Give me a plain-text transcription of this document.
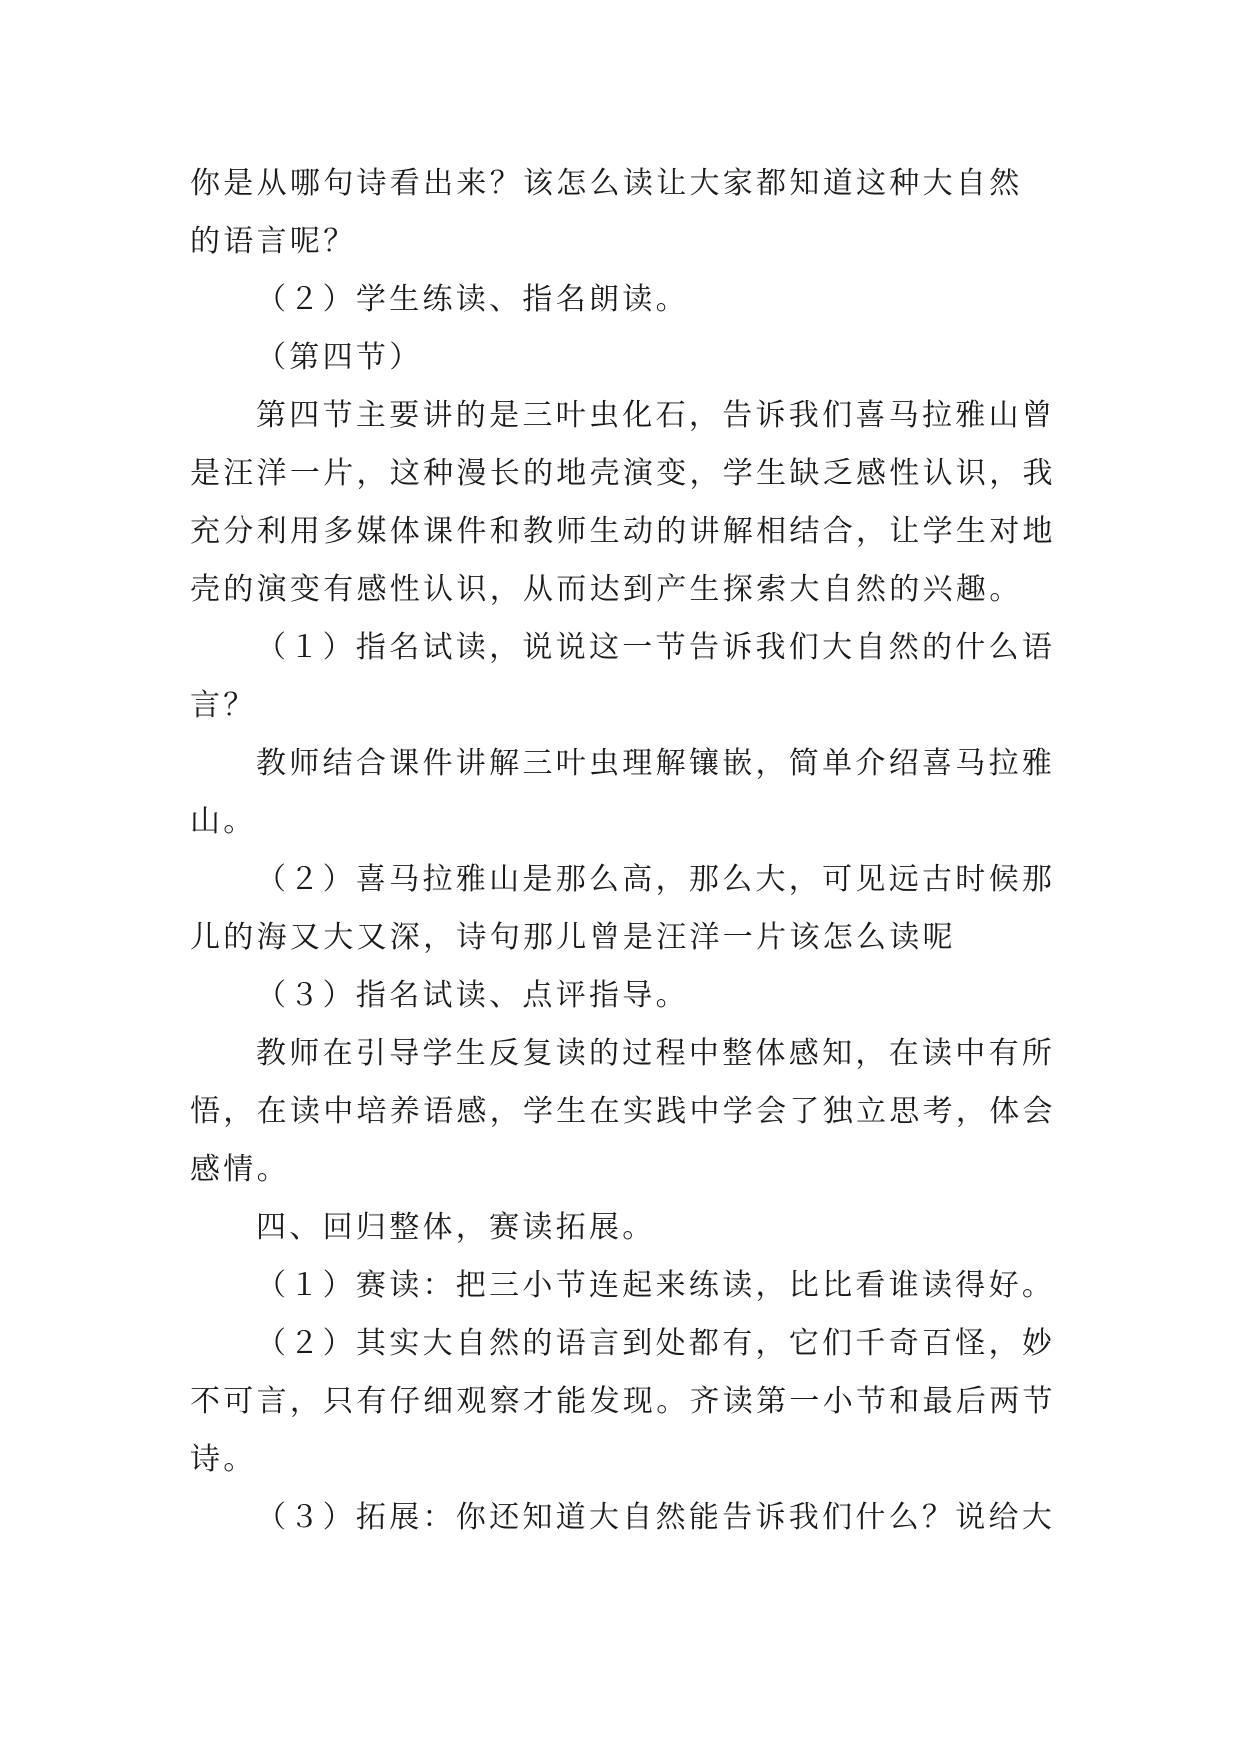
你是从哪句诗看出来？该怎么读让大家都知道这种大自然
的语言呢？
（２）学生练读、指名朗读。
（第四节）
第四节主要讲的是三叶虫化石，告诉我们喜马拉雅山曾
是汪洋一片，这种漫长的地壳演变，学生缺乏感性认识，我
充分利用多媒体课件和教师生动的讲解相结合，让学生对地
壳的演变有感性认识，从而达到产生探索大自然的兴趣。
（１）指名试读，说说这一节告诉我们大自然的什么语
言？
教师结合课件讲解三叶虫理解镶嵌，简单介绍喜马拉雅
山。
（２）喜马拉雅山是那么高，那么大，可见远古时候那
儿的海又大又深，诗句那儿曾是汪洋一片该怎么读呢
（３）指名试读、点评指导。
教师在引导学生反复读的过程中整体感知，在读中有所
悟，在读中培养语感，学生在实践中学会了独立思考，体会
感情。
四、回归整体，赛读拓展。
（１）赛读：把三小节连起来练读，比比看谁读得好。
（２）其实大自然的语言到处都有，它们千奇百怪，妙
不可言，只有仔细观察才能发现。齐读第一小节和最后两节
诗。
（３）拓展：你还知道大自然能告诉我们什么？说给大
